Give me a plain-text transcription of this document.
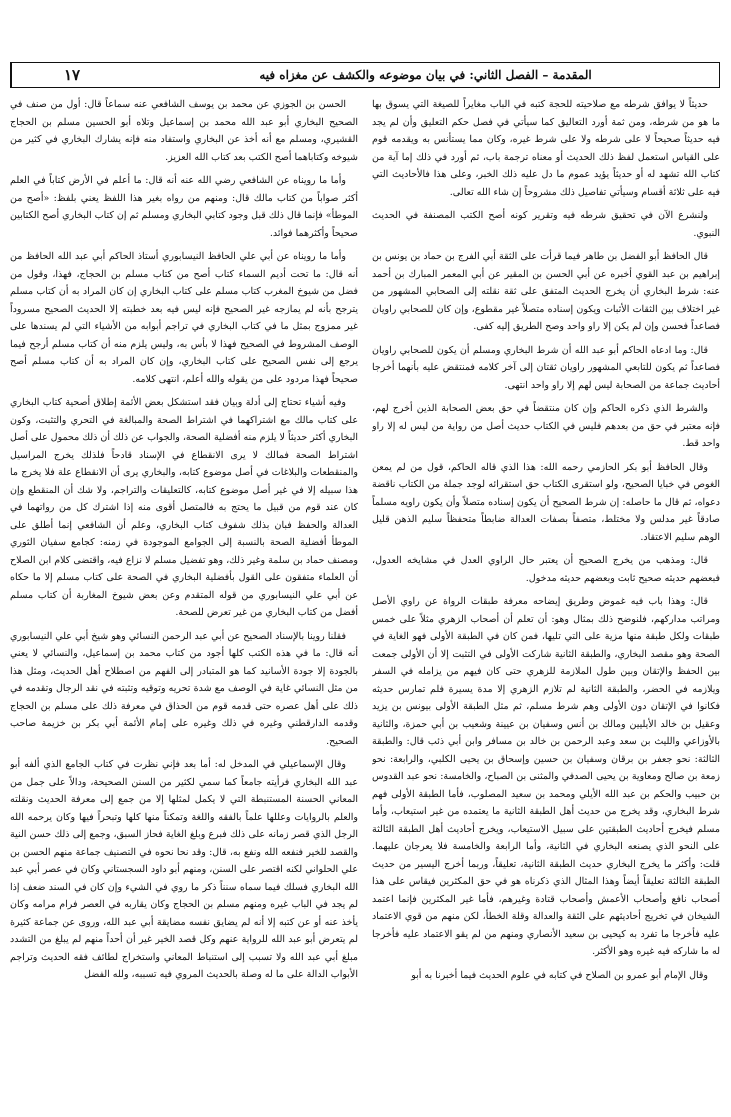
١٧	المقدمة – الفصل الثاني: في بيان موضوعه والكشف عن مغزاه فيه

حديثاً لا يوافق شرطه مع صلاحيته للحجة كتبه في الباب مغايراً للصيغة التي يسوق بها ما هو من شرطه، ومن ثمة أورد التعاليق كما سيأتي في فصل حكم التعليق وأن لم يجد فيه حديثاً صحيحاً لا على شرطه ولا على شرط غيره، وكان مما يستأنس به ويقدمه قوم على القياس استعمل لفظ ذلك الحديث أو معناه ترجمة باب، ثم أورد في ذلك إما آية من كتاب الله تشهد له أو حديثاً يؤيد عموم ما دل عليه ذلك الخبر، وعلى هذا فالأحاديث التي فيه على ثلاثة أقسام وسيأتي تفاصيل ذلك مشروحاً إن شاء الله تعالى.

ولنشرع الآن في تحقيق شرطه فيه وتقرير كونه أصح الكتب المصنفة في الحديث النبوي.

قال الحافظ أبو الفضل بن طاهر فيما قرأت على الثقة أبي الفرج بن حماد بن يونس بن إبراهيم بن عبد القوي أخبره عن أبي الحسن بن المقير عن أبي المعمر المبارك بن أحمد عنه: شرط البخاري أن يخرج الحديث المتفق على ثقة نقلته إلى الصحابي المشهور من غير اختلاف بين الثقات الأثبات ويكون إسناده متصلاً غير مقطوع، وإن كان للصحابي راويان فصاعداً فحسن وإن لم يكن إلا راو واحد وصح الطريق إليه كفى.

قال: وما ادعاه الحاكم أبو عبد الله أن شرط البخاري ومسلم أن يكون للصحابي راويان فصاعداً ثم يكون للتابعي المشهور راويان ثقتان إلى آخر كلامه فمنتقض عليه بأنهما أخرجا أحاديث جماعة من الصحابة ليس لهم إلا راو واحد انتهى.

والشرط الذي ذكره الحاكم وإن كان منتقضاً في حق بعض الصحابة الذين أخرج لهم، فإنه معتبر في حق من بعدهم فليس في الكتاب حديث أصل من رواية من ليس له إلا راو واحد قط.

وقال الحافظ أبو بكر الحازمي رحمه الله: هذا الذي قاله الحاكم، قول من لم يمعن الغوص في خبايا الصحيح، ولو استقرى الكتاب حق استقرائه لوجد جملة من الكتاب ناقضة دعواه، ثم قال ما حاصله: إن شرط الصحيح أن يكون إسناده متصلاً وأن يكون راويه مسلماً صادقاً غير مدلس ولا مختلط، متصفاً بصفات العدالة ضابطاً متحفظاً سليم الذهن قليل الوهم سليم الاعتقاد.

قال: ومذهب من يخرج الصحيح أن يعتبر حال الراوي العدل في مشايخه العدول، فبعضهم حديثه صحيح ثابت وبعضهم حديثه مدخول.

قال: وهذا باب فيه غموض وطريق إيضاحه معرفة طبقات الرواة عن راوي الأصل ومراتب مداركهم، فلنوضح ذلك بمثال وهو: أن تعلم أن أصحاب الزهري مثلاً على خمس طبقات ولكل طبقة منها مزية على التي تليها، فمن كان في الطبقة الأولى فهو الغاية في الصحة وهو مقصد البخاري، والطبقة الثانية شاركت الأولى في التثبت إلا أن الأولى جمعت بين الحفظ والإتقان وبين طول الملازمة للزهري حتى كان فيهم من يزامله في السفر ويلازمه في الحضر، والطبقة الثانية لم تلازم الزهري إلا مدة يسيرة فلم تمارس حديثه فكانوا في الإتقان دون الأولى وهم شرط مسلم، ثم مثل الطبقة الأولى بيونس بن يزيد وعقيل بن خالد الأيليين ومالك بن أنس وسفيان بن عيينة وشعيب بن أبي حمزة، والثانية بالأوزاعي والليث بن سعد وعبد الرحمن بن خالد بن مسافر وابن أبي ذئب قال: والطبقة الثالثة: نحو جعفر بن برقان وسفيان بن حسين وإسحاق بن يحيى الكلبي، والرابعة: نحو زمعة بن صالح ومعاوية بن يحيى الصدفي والمثنى بن الصباح، والخامسة: نحو عبد القدوس بن حبيب والحكم بن عبد الله الأيلي ومحمد بن سعيد المصلوب، فأما الطبقة الأولى فهم شرط البخاري، وقد يخرج من حديث أهل الطبقة الثانية ما يعتمده من غير استيعاب، وأما مسلم فيخرج أحاديث الطبقتين على سبيل الاستيعاب، ويخرج أحاديث أهل الطبقة الثالثة على النحو الذي يصنعه البخاري في الثانية، وأما الرابعة والخامسة فلا يعرجان عليهما. قلت: وأكثر ما يخرج البخاري حديث الطبقة الثانية، تعليقاً، وربما أخرج اليسير من حديث الطبقة الثالثة تعليقاً أيضاً وهذا المثال الذي ذكرناه هو في حق المكثرين فيقاس على هذا أصحاب نافع وأصحاب الأعمش وأصحاب قتادة وغيرهم، فأما غير المكثرين فإنما اعتمد الشيخان في تخريج أحاديثهم على الثقة والعدالة وقلة الخطأ، لكن منهم من قوي الاعتماد عليه فأخرجا ما تفرد به كيحيى بن سعيد الأنصاري ومنهم من لم يقو الاعتماد عليه فأخرجا له ما شاركه فيه غيره وهو الأكثر.

وقال الإمام أبو عمرو بن الصلاح في كتابه في علوم الحديث فيما أخبرنا به أبو

الحسن بن الجوزي عن محمد بن يوسف الشافعي عنه سماعاً قال: أول من صنف في الصحيح البخاري أبو عبد الله محمد بن إسماعيل وتلاه أبو الحسين مسلم بن الحجاج القشيري، ومسلم مع أنه أخذ عن البخاري واستفاد منه فإنه يشارك البخاري في كثير من شيوخه وكتاباهما أصح الكتب بعد كتاب الله العزيز.

وأما ما رويناه عن الشافعي رضي الله عنه أنه قال: ما أعلم في الأرض كتاباً في العلم أكثر صواباً من كتاب مالك قال: ومنهم من رواه بغير هذا اللفظ يعني بلفظ: «أصح من الموطأ» فإنما قال ذلك قبل وجود كتابي البخاري ومسلم ثم إن كتاب البخاري أصح الكتابين صحيحاً وأكثرهما فوائد.

وأما ما رويناه عن أبي علي الحافظ النيسابوري أستاذ الحاكم أبي عبد الله الحافظ من أنه قال: ما تحت أديم السماء كتاب أصح من كتاب مسلم بن الحجاج، فهذا، وقول من فضل من شيوخ المغرب كتاب مسلم على كتاب البخاري إن كان المراد به أن كتاب مسلم يترجح بأنه لم يمازجه غير الصحيح فإنه ليس فيه بعد خطبته إلا الحديث الصحيح مسروداً غير ممزوج بمثل ما في كتاب البخاري في تراجم أبوابه من الأشياء التي لم يسندها على الوصف المشروط في الصحيح فهذا لا بأس به، وليس يلزم منه أن كتاب مسلم أرجح فيما يرجع إلى نفس الصحيح على كتاب البخاري، وإن كان المراد به أن كتاب مسلم أصح صحيحاً فهذا مردود على من يقوله والله أعلم، انتهى كلامه.

وفيه أشياء تحتاج إلى أدلة وبيان فقد استشكل بعض الأئمة إطلاق أصحية كتاب البخاري على كتاب مالك مع اشتراكهما في اشتراط الصحة والمبالغة في التحري والتثبت، وكون البخاري أكثر حديثاً لا يلزم منه أفضلية الصحة، والجواب عن ذلك أن ذلك محمول على أصل اشتراط الصحة فمالك لا يرى الانقطاع في الإسناد قادحاً فلذلك يخرج المراسيل والمنقطعات والبلاغات في أصل موضوع كتابه، والبخاري يرى أن الانقطاع علة فلا يخرج ما هذا سبيله إلا في غير أصل موضوع كتابه، كالتعليقات والتراجم، ولا شك أن المنقطع وإن كان عند قوم من قبيل ما يحتج به فالمتصل أقوى منه إذا اشترك كل من رواتهما في العدالة والحفظ فبان بذلك شفوف كتاب البخاري، وعلم أن الشافعي إنما أطلق على الموطأ أفضلية الصحة بالنسبة إلى الجوامع الموجودة في زمنه: كجامع سفيان الثوري ومصنف حماد بن سلمة وغير ذلك، وهو تفضيل مسلم لا نزاع فيه، واقتضى كلام ابن الصلاح أن العلماء متفقون على القول بأفضلية البخاري في الصحة على كتاب مسلم إلا ما حكاه عن أبي علي النيسابوري من قوله المتقدم وعن بعض شيوخ المغاربة أن كتاب مسلم أفضل من كتاب البخاري من غير تعرض للصحة.

فقلنا روينا بالإسناد الصحيح عن أبي عبد الرحمن النسائي وهو شيخ أبي علي النيسابوري أنه قال: ما في هذه الكتب كلها أجود من كتاب محمد بن إسماعيل، والنسائي لا يعني بالجودة إلا جودة الأسانيد كما هو المتبادر إلى الفهم من اصطلاح أهل الحديث، ومثل هذا من مثل النسائي غاية في الوصف مع شدة تحريه وتوقيه وتثبته في نقد الرجال وتقدمه في ذلك على أهل عصره حتى قدمه قوم من الحذاق في معرفة ذلك على مسلم بن الحجاج وقدمه الدارقطني وغيره في ذلك وغيره على إمام الأئمة أبي بكر بن خزيمة صاحب الصحيح.

وقال الإسماعيلي في المدخل له: أما بعد فإني نظرت في كتاب الجامع الذي ألفه أبو عبد الله البخاري فرأيته جامعاً كما سمي لكثير من السنن الصحيحة، ودالاً على جمل من المعاني الحسنة المستنبطة التي لا يكمل لمثلها إلا من جمع إلى معرفة الحديث ونقلته والعلم بالروايات وعللها علماً بالفقه واللغة وتمكناً منها كلها وتبحراً فيها وكان يرحمه الله الرجل الذي قصر زمانه على ذلك فبرع وبلغ الغاية فحاز السبق، وجمع إلى ذلك حسن النية والقصد للخير فنفعه الله ونفع به، قال: وقد نحا نحوه في التصنيف جماعة منهم الحسن بن علي الحلواني لكنه اقتصر على السنن، ومنهم أبو داود السجستاني وكان في عصر أبي عبد الله البخاري فسلك فيما سماه سنناً ذكر ما روي في الشيء وإن كان في السند ضعف إذا لم يجد في الباب غيره ومنهم مسلم بن الحجاج وكان يقاربه في العصر فرام مرامه وكان يأخذ عنه أو عن كتبه إلا أنه لم يضايق نفسه مضايقة أبي عبد الله، وروى عن جماعة كثيرة لم يتعرض أبو عبد الله للرواية عنهم وكل قصد الخير غير أن أحداً منهم لم يبلغ من التشدد مبلغ أبي عبد الله ولا تسبب إلى استنباط المعاني واستخراج لطائف فقه الحديث وتراجم الأبواب الدالة على ما له وصلة بالحديث المروي فيه تسببه، ولله الفضل
